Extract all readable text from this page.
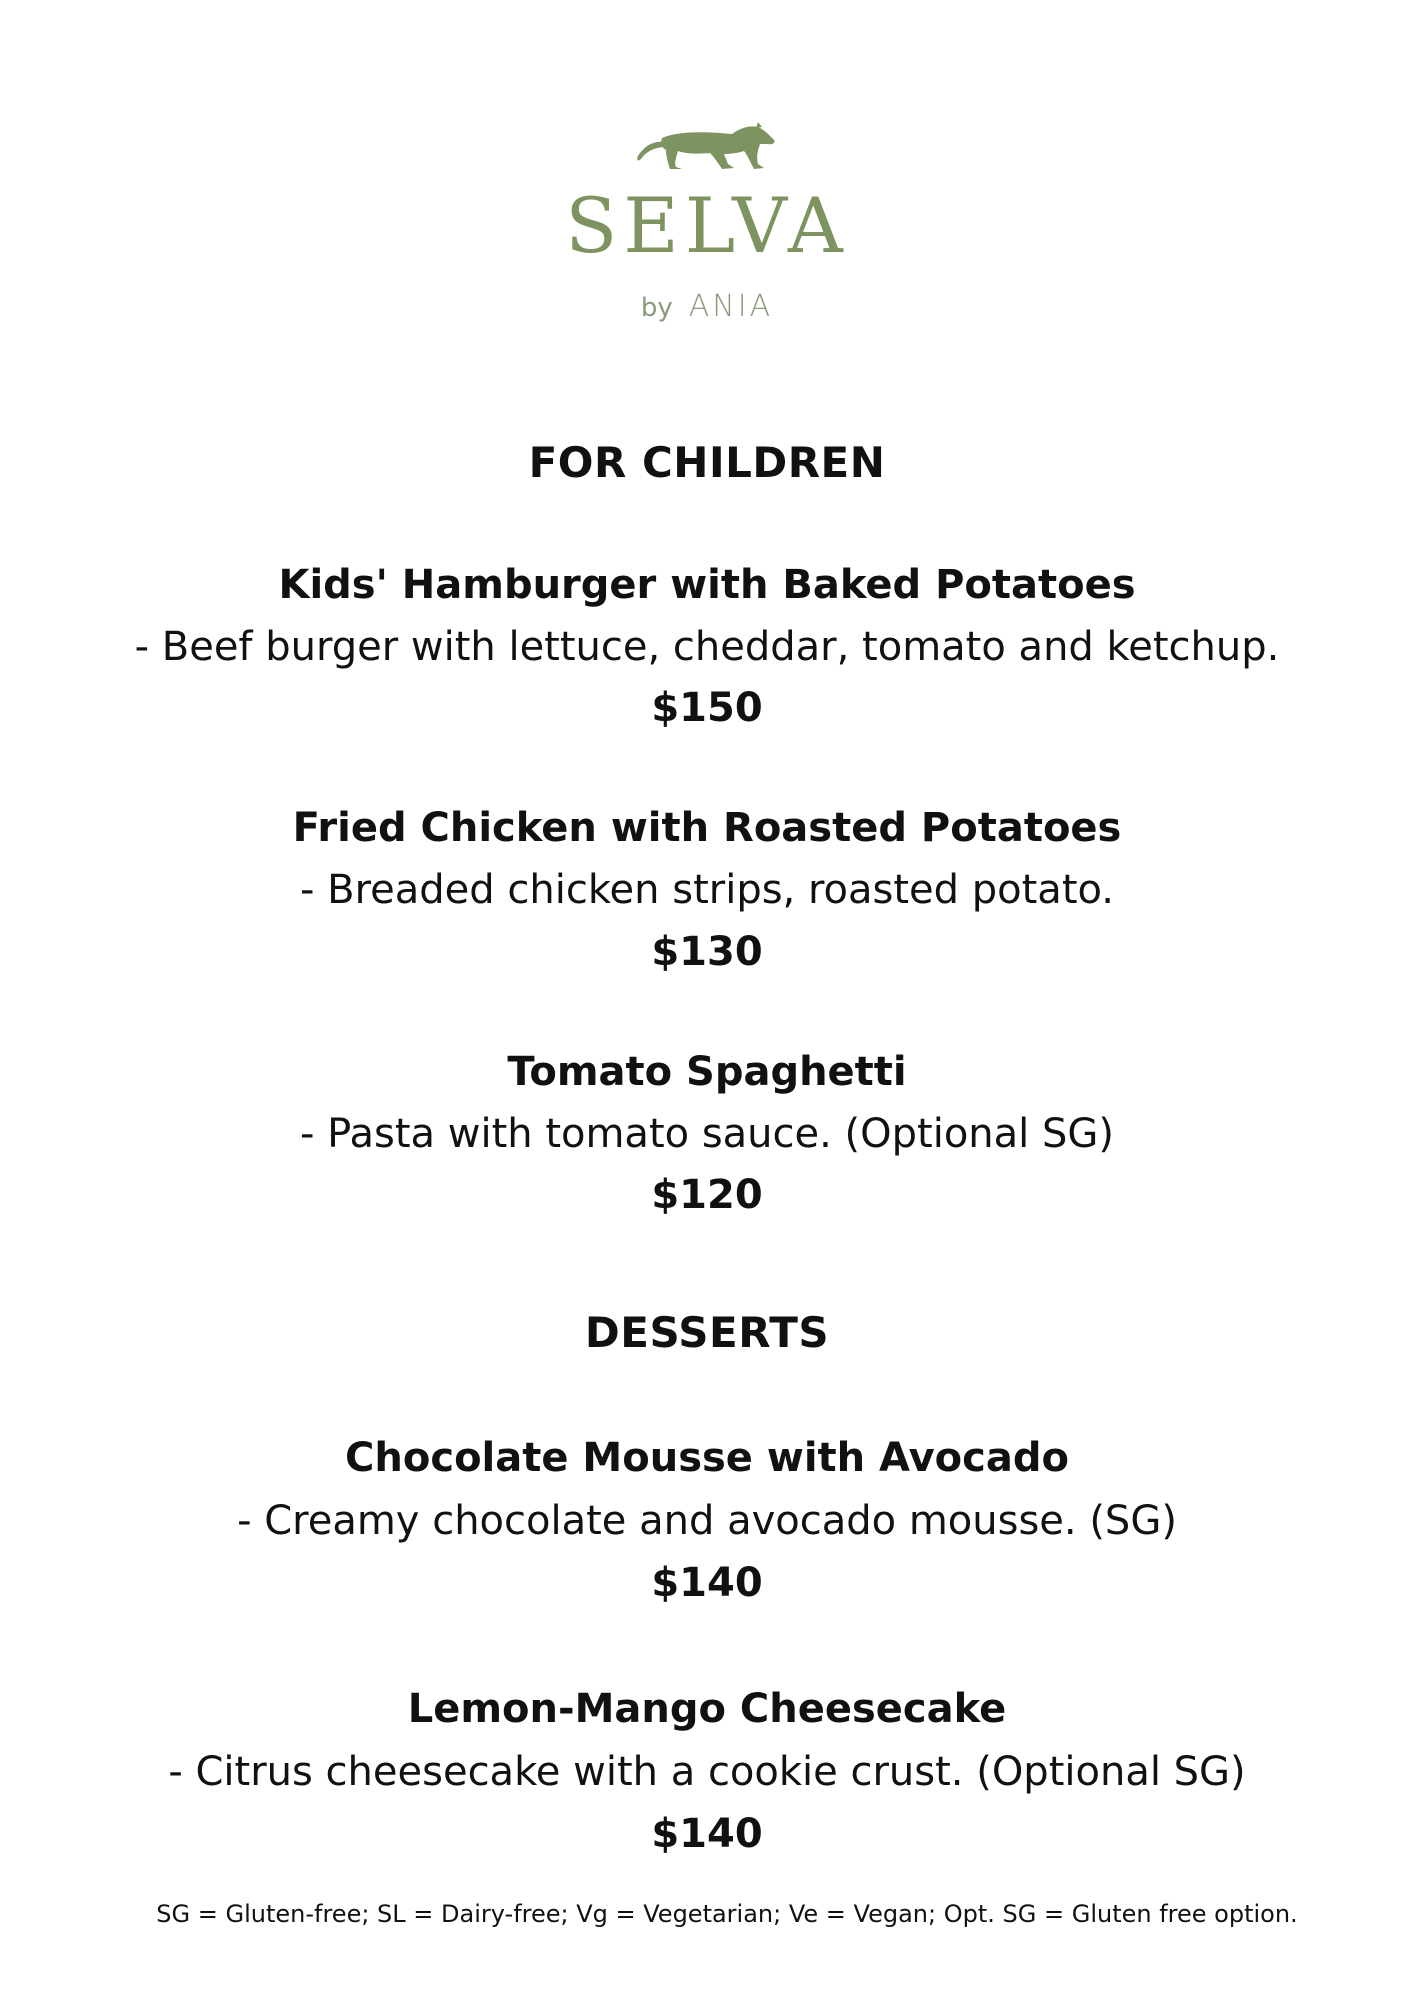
SELVA
by ANIA
FOR CHILDREN
Kids' Hamburger with Baked Potatoes
- Beef burger with lettuce, cheddar, tomato and ketchup.
$150
Fried Chicken with Roasted Potatoes
- Breaded chicken strips, roasted potato.
$130
Tomato Spaghetti
- Pasta with tomato sauce. (Optional SG)
$120
DESSERTS
Chocolate Mousse with Avocado
- Creamy chocolate and avocado mousse. (SG)
$140
Lemon-Mango Cheesecake
- Citrus cheesecake with a cookie crust. (Optional SG)
$140
SG = Gluten-free; SL = Dairy-free; Vg = Vegetarian; Ve = Vegan; Opt. SG = Gluten free option.
